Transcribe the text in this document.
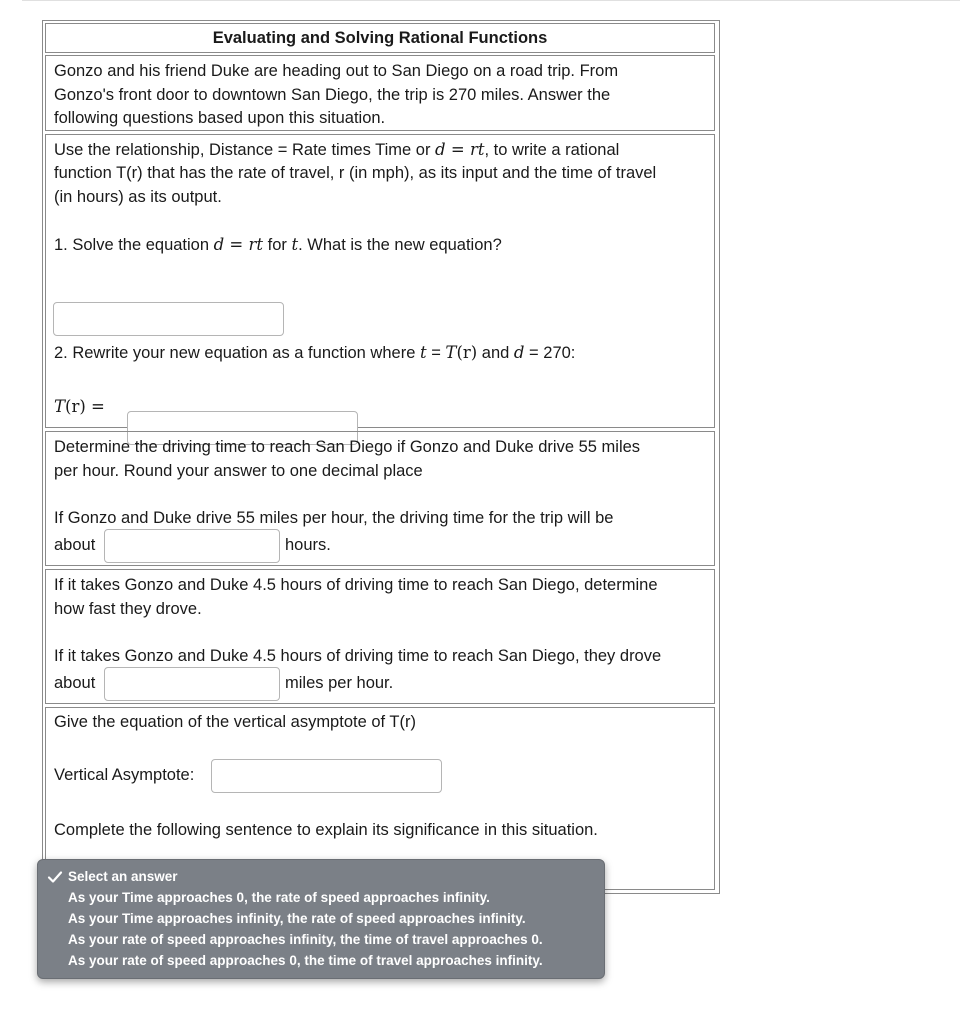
Evaluating and Solving Rational Functions
Gonzo and his friend Duke are heading out to San Diego on a road trip. From
Gonzo's front door to downtown San Diego, the trip is 270 miles. Answer the
following questions based upon this situation.
Use the relationship, Distance = Rate times Time or d = rt, to write a rational
function T(r) that has the rate of travel, r (in mph), as its input and the time of travel
(in hours) as its output.
1. Solve the equation d = rt for t. What is the new equation?
2. Rewrite your new equation as a function where t = T(r) and d = 270:
T(r) =
Determine the driving time to reach San Diego if Gonzo and Duke drive 55 miles
per hour. Round your answer to one decimal place
If Gonzo and Duke drive 55 miles per hour, the driving time for the trip will be
about	hours.
If it takes Gonzo and Duke 4.5 hours of driving time to reach San Diego, determine
how fast they drove.
If it takes Gonzo and Duke 4.5 hours of driving time to reach San Diego, they drove
about	miles per hour.
Give the equation of the vertical asymptote of T(r)
Vertical Asymptote:
Complete the following sentence to explain its significance in this situation.
Select an answer
As your Time approaches 0, the rate of speed approaches infinity.
As your Time approaches infinity, the rate of speed approaches infinity.
As your rate of speed approaches infinity, the time of travel approaches 0.
As your rate of speed approaches 0, the time of travel approaches infinity.
